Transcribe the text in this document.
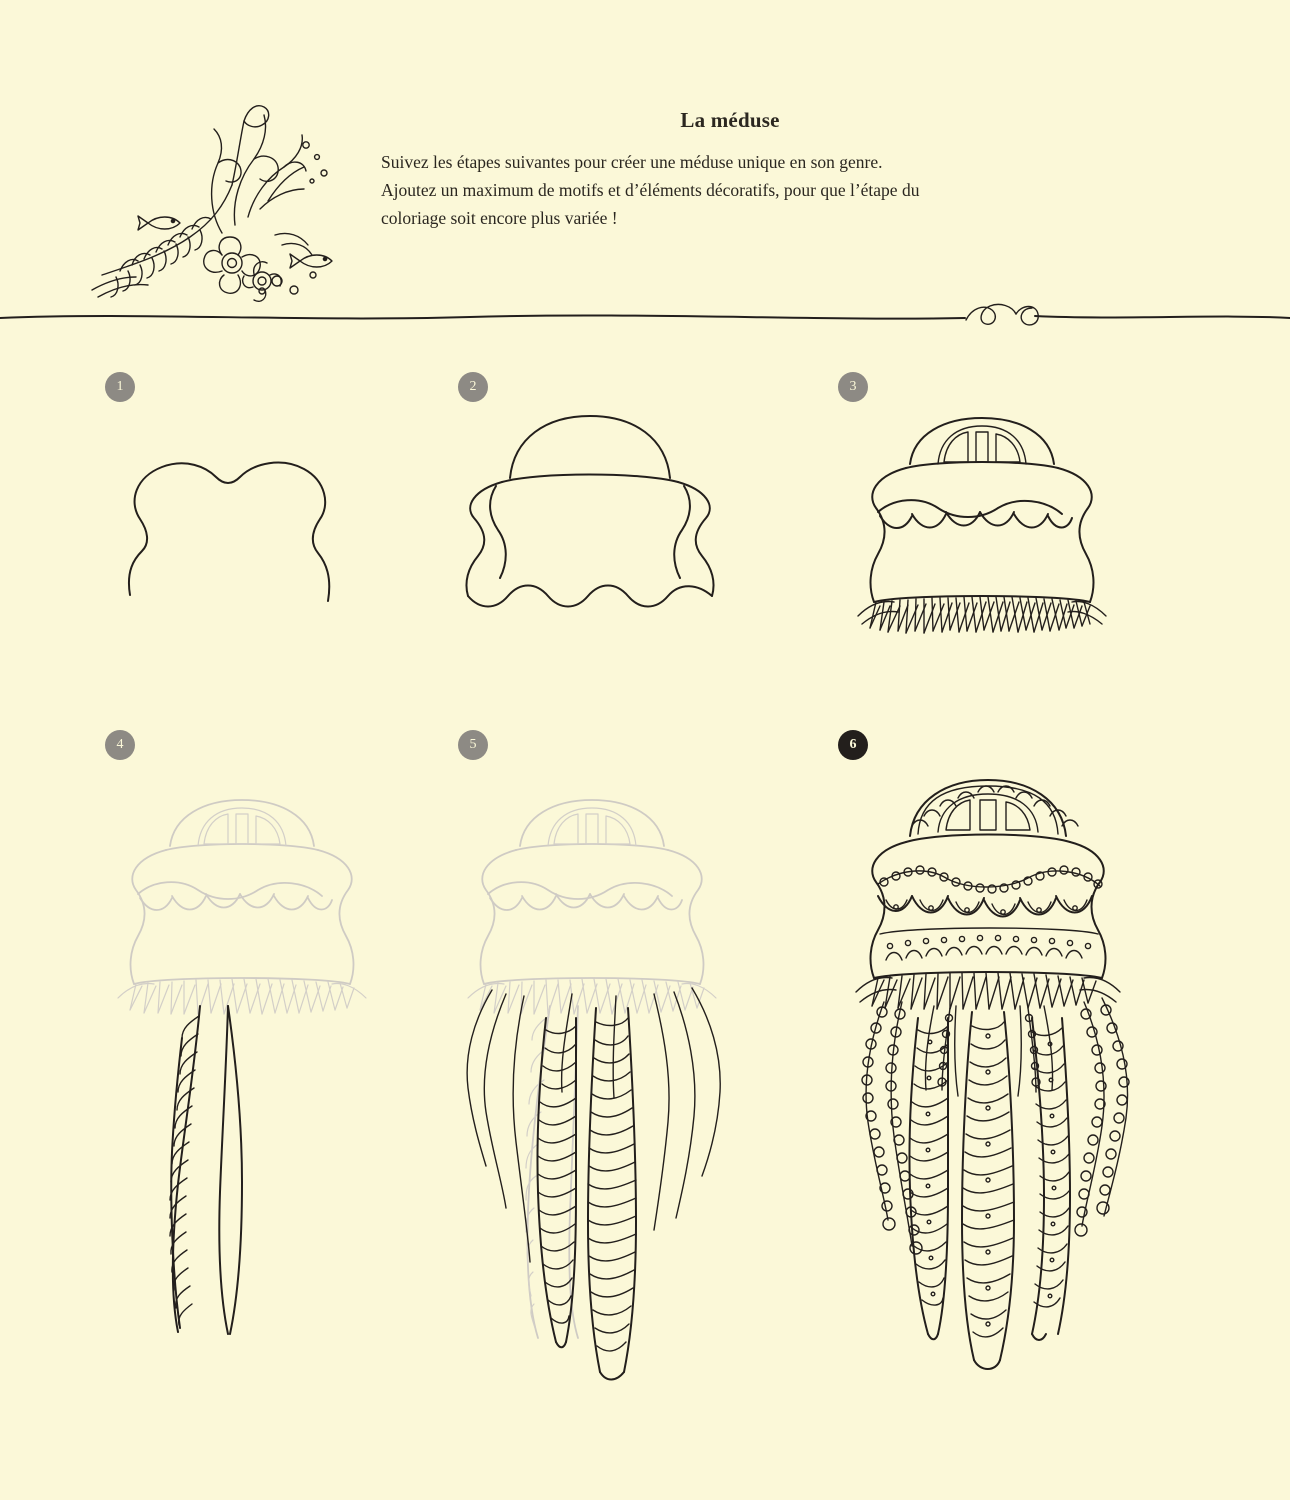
La méduse

Suivez les étapes suivantes pour créer une méduse unique en son genre.

Ajoutez un maximum de motifs et d’éléments décoratifs, pour que l’étape du

coloriage soit encore plus variée !

1	2	3
4	5	6
